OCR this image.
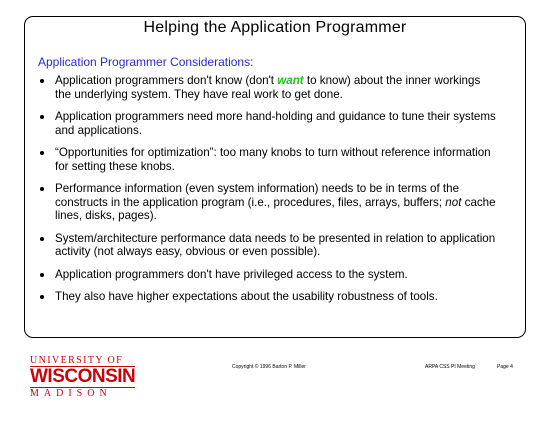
Helping the Application Programmer
Application Programmer Considerations:
Application programmers don't know (don't want to know) about the inner workings the underlying system. They have real work to get done.
Application programmers need more hand-holding and guidance to tune their systems and applications.
“Opportunities for optimization”: too many knobs to turn without reference information for setting these knobs.
Performance information (even system information) needs to be in terms of the constructs in the application program (i.e., procedures, files, arrays, buffers; not cache lines, disks, pages).
System/architecture performance data needs to be presented in relation to application activity (not always easy, obvious or even possible).
Application programmers don't have privileged access to the system.
They also have higher expectations about the usability robustness of tools.
UNIVERSITY OF
WISCONSIN
MADISON
Copyright © 1996 Barton P. Miller	ARPA CSS PI Meeting	Page 4
